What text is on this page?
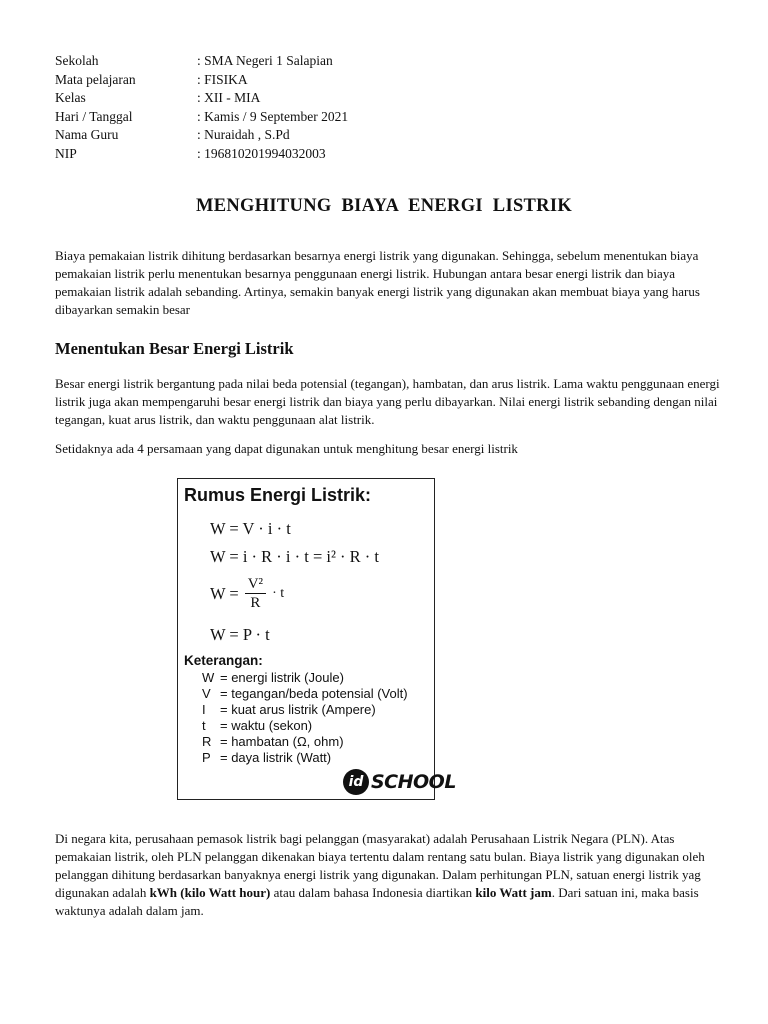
Sekolah	: SMA Negeri 1 Salapian
Mata pelajaran	: FISIKA
Kelas	: XII - MIA
Hari / Tanggal	: Kamis / 9 September 2021
Nama Guru	: Nuraidah , S.Pd
NIP	: 196810201994032003
MENGHITUNG BIAYA ENERGI LISTRIK

Biaya pemakaian listrik dihitung berdasarkan besarnya energi listrik yang digunakan. Sehingga, sebelum menentukan biaya pemakaian listrik perlu menentukan besarnya penggunaan energi listrik. Hubungan antara besar energi listrik dan biaya pemakaian listrik adalah sebanding. Artinya, semakin banyak energi listrik yang digunakan akan membuat biaya yang harus dibayarkan semakin besar

Menentukan Besar Energi Listrik

Besar energi listrik bergantung pada nilai beda potensial (tegangan), hambatan, dan arus listrik. Lama waktu penggunaan energi listrik juga akan mempengaruhi besar energi listrik dan biaya yang perlu dibayarkan. Nilai energi listrik sebanding dengan nilai tegangan, kuat arus listrik, dan waktu penggunaan alat listrik.

Setidaknya ada 4 persamaan yang dapat digunakan untuk menghitung besar energi listrik

Rumus Energi Listrik:
W = V · i · t
W = i · R · i · t = i² · R · t
$W = \frac{\text{V²}}{R} \cdot t$
W = P · t
Keterangan:
W = energi listrik (Joule)
V = tegangan/beda potensial (Volt)
I	= kuat arus listrik (Ampere)
t	= waktu (sekon)
R = hambatan (Ω, ohm)
P = daya listrik (Watt)
id SCHOOL

Di negara kita, perusahaan pemasok listrik bagi pelanggan (masyarakat) adalah Perusahaan Listrik Negara (PLN). Atas pemakaian listrik, oleh PLN pelanggan dikenakan biaya tertentu dalam rentang satu bulan. Biaya listrik yang digunakan oleh pelanggan dihitung berdasarkan banyaknya energi listrik yang digunakan. Dalam perhitungan PLN, satuan energi listrik yag digunakan adalah kWh (kilo Watt hour) atau dalam bahasa Indonesia diartikan kilo Watt jam. Dari satuan ini, maka basis waktunya adalah dalam jam.
